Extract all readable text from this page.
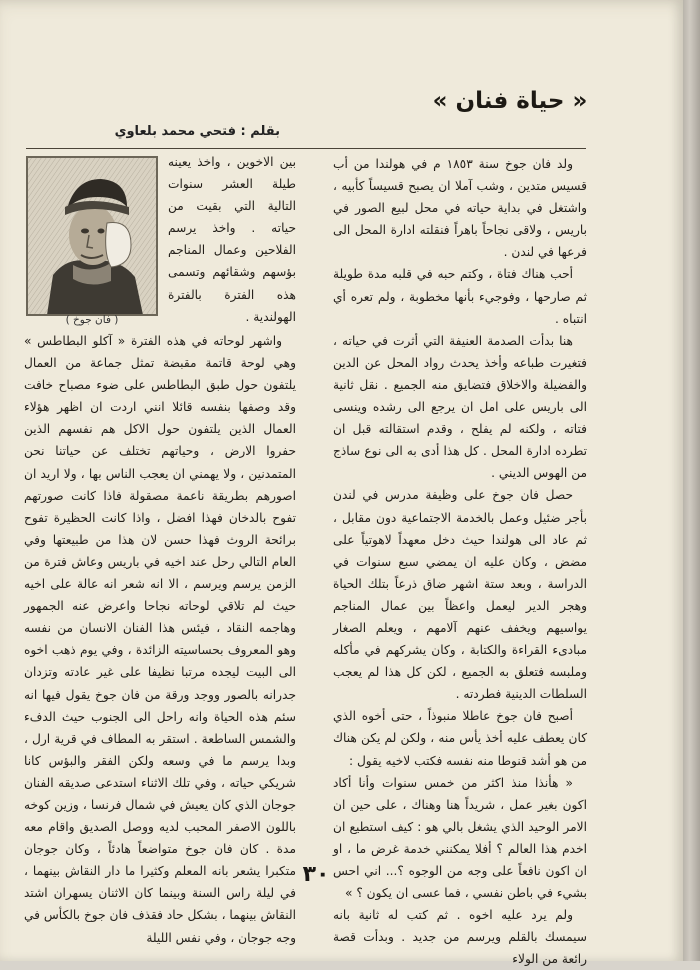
« حياة فنان »
بقلم : فتحي محمد بلعاوي
( فان جوخ )

بين الاخوين ، واخذ يعينه طيلة العشر سنوات التالية التي بقيت من حياته . واخذ يرسم الفلاحين وعمال المناجم بؤسهم وشقائهم وتسمى هذه الفترة بالفترة الهولندية .

واشهر لوحاته في هذه الفترة « آكلو البطاطس » وهي لوحة قاتمة مقبضة تمثل جماعة من العمال يلتفون حول طبق البطاطس على ضوء مصباح خافت وقد وصفها بنفسه قائلا انني اردت ان اظهر هؤلاء العمال الذين يلتفون حول الاكل هم نفسهم الذين حفروا الارض ، وحياتهم تختلف عن حياتنا نحن المتمدنين ، ولا يهمني ان يعجب الناس بها ، ولا اريد ان اصورهم بطريقة ناعمة مصقولة فاذا كانت صورتهم تفوح بالدخان فهذا افضل ، واذا كانت الحظيرة تفوح برائحة الروث فهذا حسن لان هذا من طبيعتها وفي العام التالي رحل عند اخيه في باريس وعاش فترة من الزمن يرسم ويرسم ، الا انه شعر انه عالة على اخيه حيث لم تلاقي لوحاته نجاحا واعرض عنه الجمهور وهاجمه النقاد ، فيئس هذا الفنان الانسان من نفسه وهو المعروف بحساسيته الزائدة ، وفي يوم ذهب اخوه الى البيت ليجده مرتبا نظيفا على غير عادته وتزدان جدرانه بالصور ووجد ورقة من فان جوخ يقول فيها انه سئم هذه الحياة وانه راحل الى الجنوب حيث الدفء والشمس الساطعة . استقر به المطاف في قرية ارل ، وبدا يرسم ما في وسعه ولكن الفقر والبؤس كانا شريكي حياته ، وفي تلك الاثناء استدعى صديقه الفنان جوجان الذي كان يعيش في شمال فرنسا ، وزين كوخه باللون الاصفر المحبب لديه ووصل الصديق واقام معه مدة . كان فان جوخ متواضعاً هادئاً ، وكان جوجان متكبرا يشعر بانه المعلم وكثيرا ما دار النقاش بينهما ، في ليلة راس السنة وبينما كان الاثنان يسهران اشتد النقاش بينهما ، بشكل حاد فقذف فان جوخ بالكأس في وجه جوجان ، وفي نفس الليلة

ولد فان جوخ سنة ١٨٥٣ م في هولندا من أب قسيس متدين ، وشب آملا ان يصبح قسيساً كأبيه ، واشتغل في بداية حياته في محل لبيع الصور في باريس ، ولاقى نجاحاً باهراً فنقلته ادارة المحل الى فرعها في لندن .

أحب هناك فتاة ، وكتم حبه في قلبه مدة طويلة ثم صارحها ، وفوجيء بأنها مخطوبة ، ولم تعره أي انتباه .

هنا بدأت الصدمة العنيفة التي أثرت في حياته ، فتغيرت طباعه وأخذ يحدث رواد المحل عن الدين والفضيلة والاخلاق فتضايق منه الجميع . نقل ثانية الى باريس على امل ان يرجع الى رشده وينسى فتاته ، ولكنه لم يفلح ، وقدم استقالته قبل ان تطرده ادارة المحل . كل هذا أدى به الى نوع ساذج من الهوس الديني .

حصل فان جوخ على وظيفة مدرس في لندن بأجر ضئيل وعمل بالخدمة الاجتماعية دون مقابل ، ثم عاد الى هولندا حيث دخل معهداً لاهوتياً على مضض ، وكان عليه ان يمضي سبع سنوات في الدراسة ، وبعد ستة اشهر ضاق ذرعاً بتلك الحياة وهجر الدير ليعمل واعظاً بين عمال المناجم يواسيهم ويخفف عنهم آلامهم ، ويعلم الصغار مبادىء القراءة والكتابة ، وكان يشركهم في مأكله وملبسه فتعلق به الجميع ، لكن كل هذا لم يعجب السلطات الدينية فطردته .

أصبح فان جوخ عاطلا منبوذاً ، حتى أخوه الذي كان يعطف عليه أخذ يأس منه ، ولكن لم يكن هناك من هو أشد قنوطا منه نفسه فكتب لاخيه يقول :

« هأنذا منذ اكثر من خمس سنوات وأنا أكاد اكون بغير عمل ، شريداً هنا وهناك ، على حين ان الامر الوحيد الذي يشغل بالي هو : كيف استطيع ان اخدم هذا العالم ؟ أفلا يمكنني خدمة غرض ما ، او ان اكون نافعاً على وجه من الوجوه ؟... اني احس بشيء في باطن نفسي ، فما عسى ان يكون ؟ »

ولم يرد عليه اخوه . ثم كتب له ثانية بانه سيمسك بالقلم ويرسم من جديد . وبدأت قصة رائعة من الولاء

٣٠
